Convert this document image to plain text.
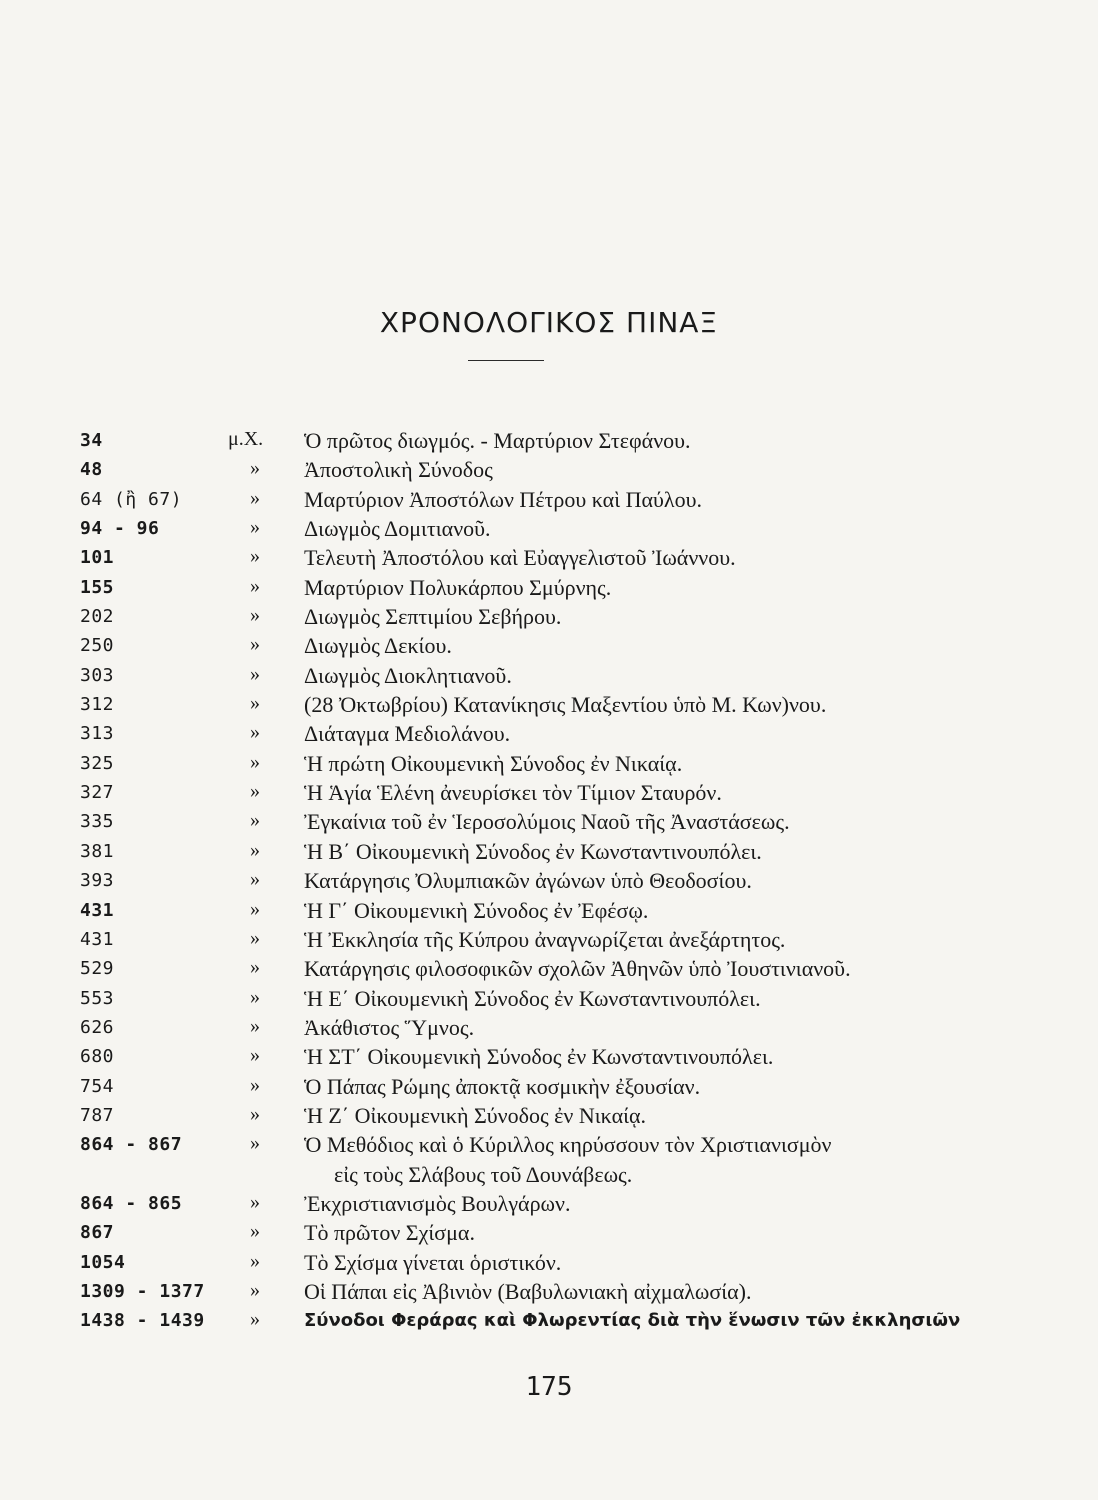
ΧΡΟΝΟΛΟΓΙΚΟΣ ΠΙΝΑΞ
34	μ.Χ.	Ὁ πρῶτος διωγμός. - Μαρτύριον Στεφάνου.
48	»	Ἀποστολικὴ Σύνοδος
64 (ἢ 67)	»	Μαρτύριον Ἀποστόλων Πέτρου καὶ Παύλου.
94 - 96	»	Διωγμὸς Δομιτιανοῦ.
101	»	Τελευτὴ Ἀποστόλου καὶ Εὐαγγελιστοῦ Ἰωάννου.
155	»	Μαρτύριον Πολυκάρπου Σμύρνης.
202	»	Διωγμὸς Σεπτιμίου Σεβήρου.
250	»	Διωγμὸς Δεκίου.
303	»	Διωγμὸς Διοκλητιανοῦ.
312	»	(28 Ὀκτωβρίου) Κατανίκησις Μαξεντίου ὑπὸ Μ. Κων)νου.
313	»	Διάταγμα Μεδιολάνου.
325	»	Ἡ πρώτη Οἰκουμενικὴ Σύνοδος ἐν Νικαίᾳ.
327	»	Ἡ Ἁγία Ἑλένη ἀνευρίσκει τὸν Τίμιον Σταυρόν.
335	»	Ἐγκαίνια τοῦ ἐν Ἱεροσολύμοις Ναοῦ τῆς Ἀναστάσεως.
381	»	Ἡ Β΄ Οἰκουμενικὴ Σύνοδος ἐν Κωνσταντινουπόλει.
393	»	Κατάργησις Ὀλυμπιακῶν ἀγώνων ὑπὸ Θεοδοσίου.
431	»	Ἡ Γ΄ Οἰκουμενικὴ Σύνοδος ἐν Ἐφέσῳ.
431	»	Ἡ Ἐκκλησία τῆς Κύπρου ἀναγνωρίζεται ἀνεξάρτητος.
529	»	Κατάργησις φιλοσοφικῶν σχολῶν Ἀθηνῶν ὑπὸ Ἰουστινιανοῦ.
553	»	Ἡ Ε΄ Οἰκουμενικὴ Σύνοδος ἐν Κωνσταντινουπόλει.
626	»	Ἀκάθιστος Ὕμνος.
680	»	Ἡ ΣΤ΄ Οἰκουμενικὴ Σύνοδος ἐν Κωνσταντινουπόλει.
754	»	Ὁ Πάπας Ρώμης ἀποκτᾷ κοσμικὴν ἐξουσίαν.
787	»	Ἡ Ζ΄ Οἰκουμενικὴ Σύνοδος ἐν Νικαίᾳ.
864 - 867	»	Ὁ Μεθόδιος καὶ ὁ Κύριλλος κηρύσσουν τὸν Χριστιανισμὸν
εἰς τοὺς Σλάβους τοῦ Δουνάβεως.
864 - 865	»	Ἐκχριστιανισμὸς Βουλγάρων.
867	»	Τὸ πρῶτον Σχίσμα.
1054	»	Τὸ Σχίσμα γίνεται ὁριστικόν.
1309 - 1377 »	Οἱ Πάπαι εἰς Ἀβινιὸν (Βαβυλωνιακὴ αἰχμαλωσία).
1438 - 1439 »	Σύνοδοι Φεράρας καὶ Φλωρεντίας διὰ τὴν ἕνωσιν τῶν ἐκκλησιῶν
175
